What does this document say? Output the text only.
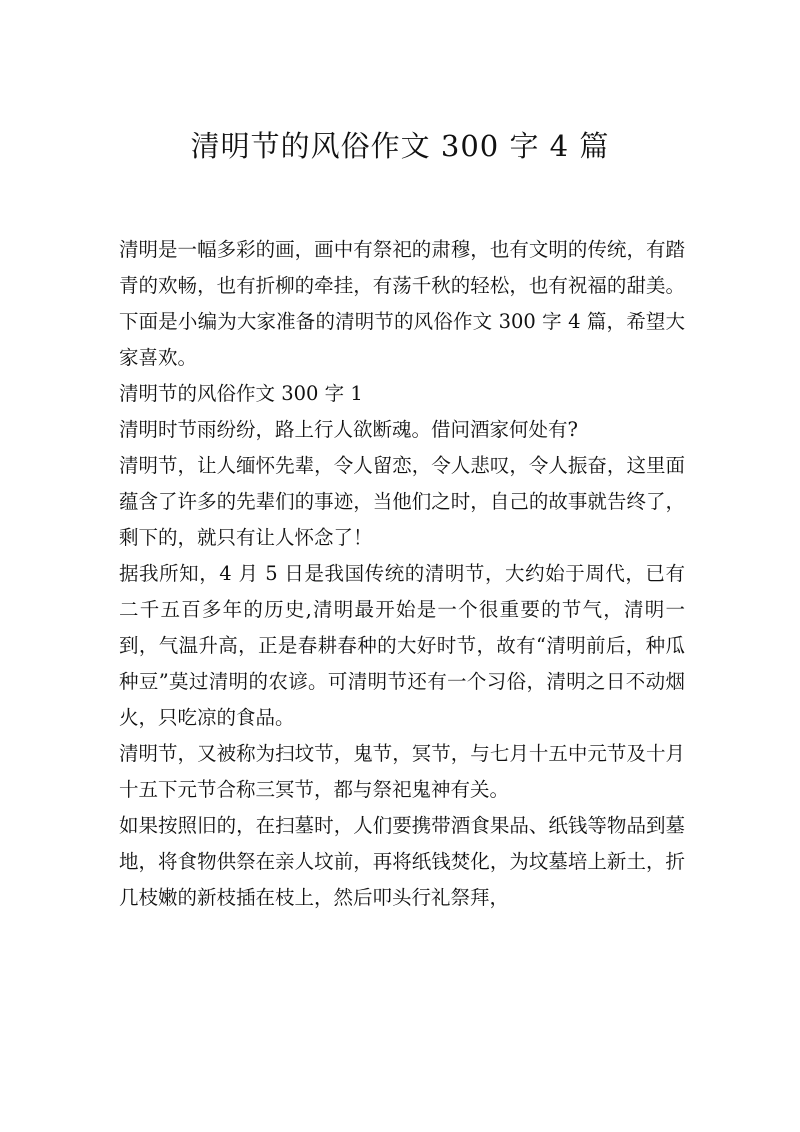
清明节的风俗作文 300 字 4 篇

清明是一幅多彩的画，画中有祭祀的肃穆，也有文明的传统，有踏青的欢畅，也有折柳的牵挂，有荡千秋的轻松，也有祝福的甜美。下面是小编为大家准备的清明节的风俗作文 300 字 4 篇，希望大家喜欢。

清明节的风俗作文 300 字 1

清明时节雨纷纷，路上行人欲断魂。借问酒家何处有?

清明节，让人缅怀先辈，令人留恋，令人悲叹，令人振奋，这里面蕴含了许多的先辈们的事迹，当他们之时，自己的故事就告终了，剩下的，就只有让人怀念了！

据我所知，4 月 5 日是我国传统的清明节，大约始于周代，已有二千五百多年的历史,清明最开始是一个很重要的节气，清明一到，气温升高，正是春耕春种的大好时节，故有“清明前后，种瓜种豆”莫过清明的农谚。可清明节还有一个习俗，清明之日不动烟火，只吃凉的食品。

清明节，又被称为扫坟节，鬼节，冥节，与七月十五中元节及十月十五下元节合称三冥节，都与祭祀鬼神有关。

如果按照旧的，在扫墓时，人们要携带酒食果品、纸钱等物品到墓地，将食物供祭在亲人坟前，再将纸钱焚化，为坟墓培上新土，折几枝嫩的新枝插在枝上，然后叩头行礼祭拜，
